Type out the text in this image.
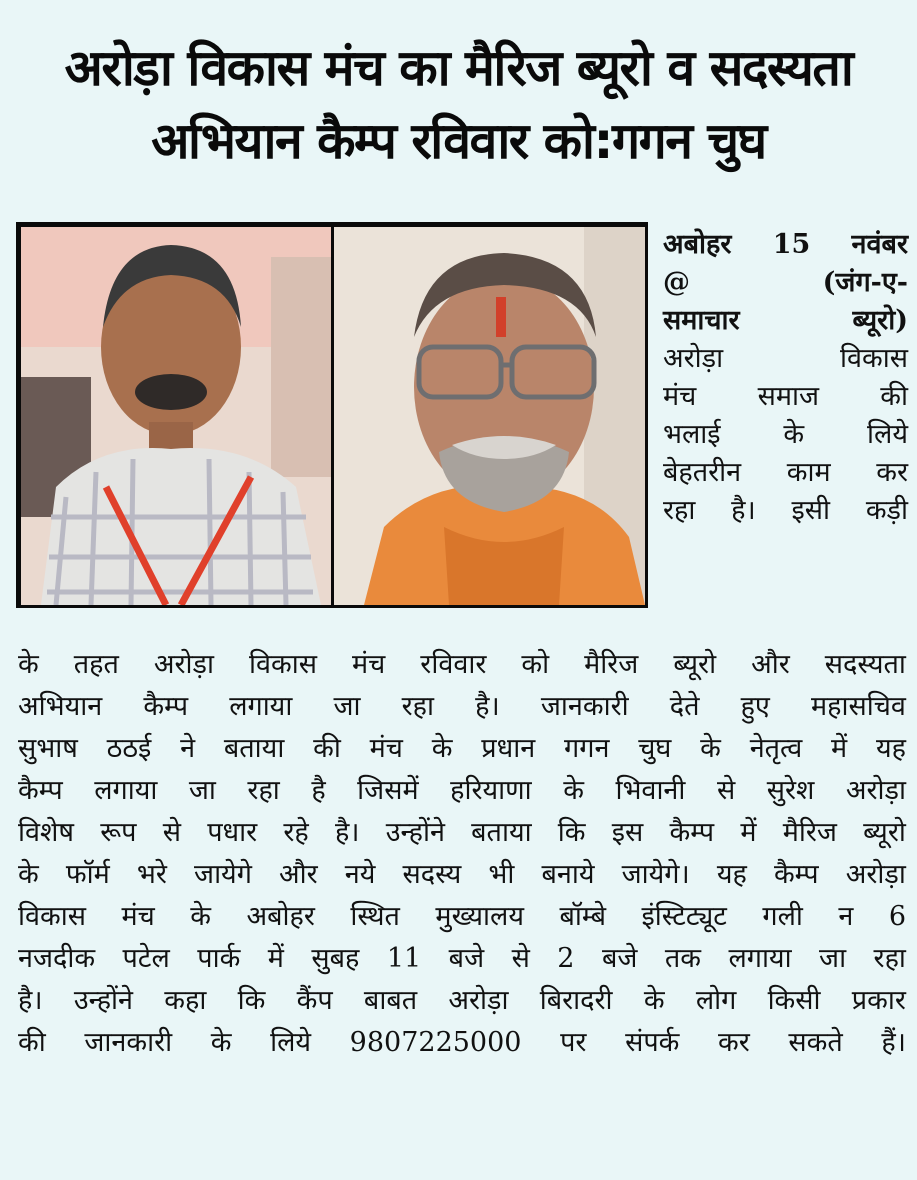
अरोड़ा विकास मंच का मैरिज ब्यूरो व सदस्यता
अभियान कैम्प रविवार को:गगन चुघ
अबोहर 15 नवंबर
@	(जंग-ए-
समाचार	ब्यूरो)
अरोड़ा	विकास
मंच समाज की
भलाई के लिये
बेहतरीन काम कर
रहा है। इसी कड़ी
के तहत अरोड़ा विकास मंच रविवार को मैरिज ब्यूरो और सदस्यता
अभियान कैम्प लगाया जा रहा है। जानकारी देते हुए महासचिव
सुभाष ठठई ने बताया की मंच के प्रधान गगन चुघ के नेतृत्व में यह
कैम्प लगाया जा रहा है जिसमें हरियाणा के भिवानी से सुरेश अरोड़ा
विशेष रूप से पधार रहे है। उन्होंने बताया कि इस कैम्प में मैरिज ब्यूरो
के फॉर्म भरे जायेगे और नये सदस्य भी बनाये जायेगे। यह कैम्प अरोड़ा
विकास मंच के अबोहर स्थित मुख्यालय बॉम्बे इंस्टिट्यूट गली न 6
नजदीक पटेल पार्क में सुबह 11 बजे से 2 बजे तक लगाया जा रहा
है। उन्होंने कहा कि कैंप बाबत अरोड़ा बिरादरी के लोग किसी प्रकार
की जानकारी के लिये 9807225000 पर संपर्क कर सकते हैं।
